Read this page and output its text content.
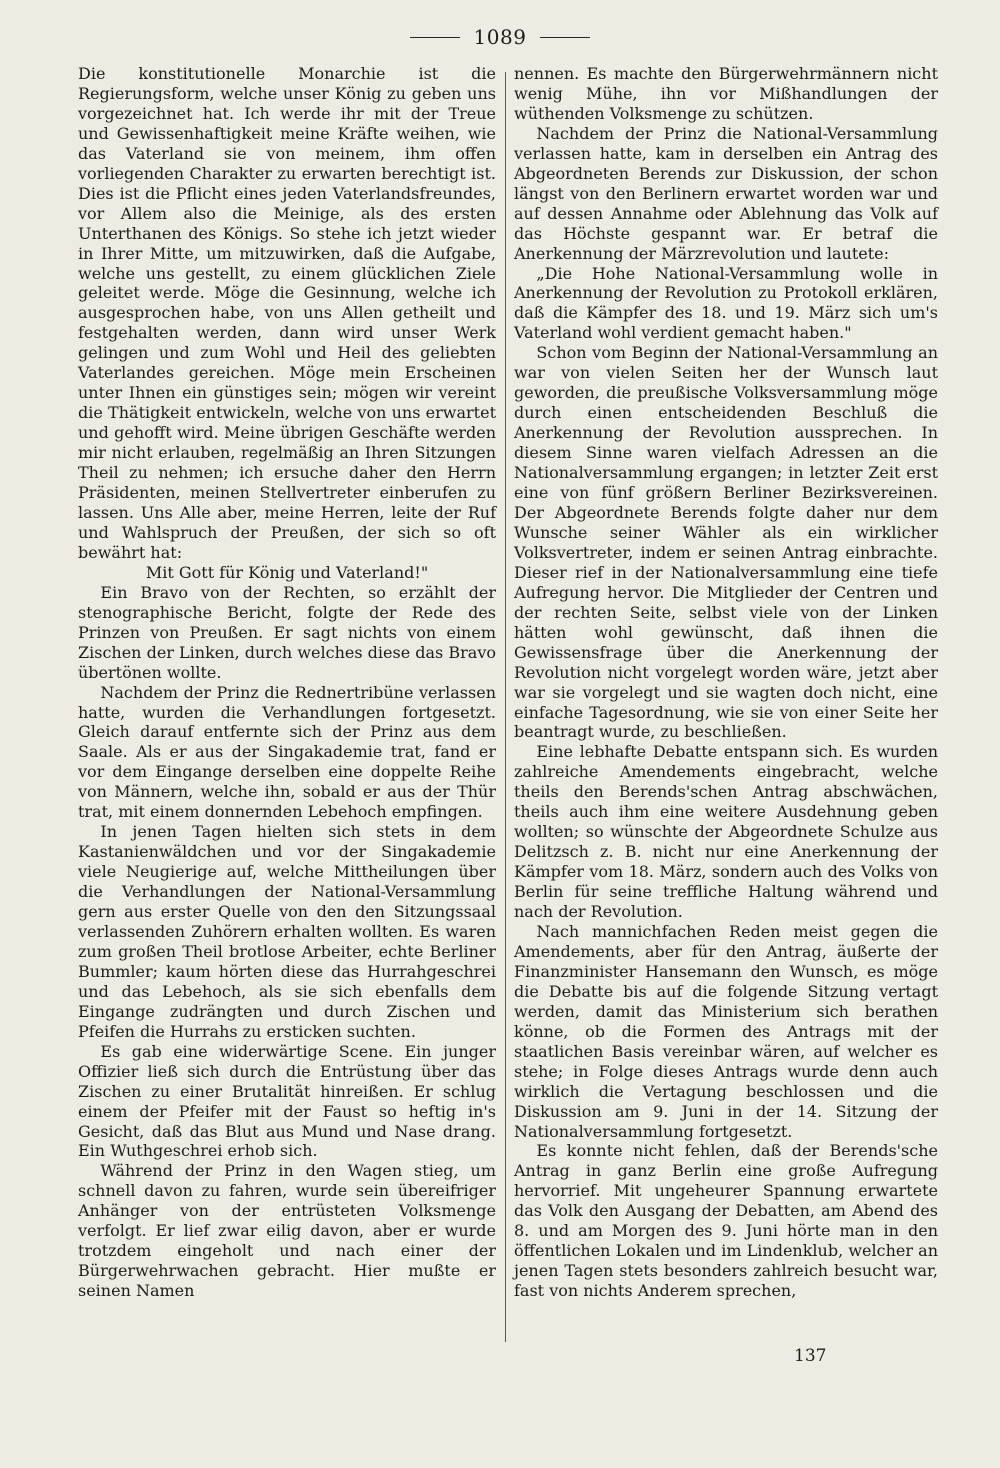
1089

Die konstitutionelle Monarchie ist die Regierungsform, welche unser König zu geben uns vorgezeichnet hat. Ich werde ihr mit der Treue und Gewissenhaftigkeit meine Kräfte weihen, wie das Vaterland sie von meinem, ihm offen vorliegenden Charakter zu erwarten berechtigt ist. Dies ist die Pflicht eines jeden Vaterlandsfreundes, vor Allem also die Meinige, als des ersten Unterthanen des Königs. So stehe ich jetzt wieder in Ihrer Mitte, um mitzuwirken, daß die Aufgabe, welche uns gestellt, zu einem glücklichen Ziele geleitet werde. Möge die Gesinnung, welche ich ausgesprochen habe, von uns Allen getheilt und festgehalten werden, dann wird unser Werk gelingen und zum Wohl und Heil des geliebten Vaterlandes gereichen. Möge mein Erscheinen unter Ihnen ein günstiges sein; mögen wir vereint die Thätigkeit entwickeln, welche von uns erwartet und gehofft wird. Meine übrigen Geschäfte werden mir nicht erlauben, regelmäßig an Ihren Sitzungen Theil zu nehmen; ich ersuche daher den Herrn Präsidenten, meinen Stellvertreter einberufen zu lassen. Uns Alle aber, meine Herren, leite der Ruf und Wahlspruch der Preußen, der sich so oft bewährt hat:

Mit Gott für König und Vaterland!"

Ein Bravo von der Rechten, so erzählt der stenographische Bericht, folgte der Rede des Prinzen von Preußen. Er sagt nichts von einem Zischen der Linken, durch welches diese das Bravo übertönen wollte.

Nachdem der Prinz die Rednertribüne verlassen hatte, wurden die Verhandlungen fortgesetzt. Gleich darauf entfernte sich der Prinz aus dem Saale. Als er aus der Singakademie trat, fand er vor dem Eingange derselben eine doppelte Reihe von Männern, welche ihn, sobald er aus der Thür trat, mit einem donnernden Lebehoch empfingen.

In jenen Tagen hielten sich stets in dem Kastanienwäldchen und vor der Singakademie viele Neugierige auf, welche Mittheilungen über die Verhandlungen der National-Versammlung gern aus erster Quelle von den den Sitzungssaal verlassenden Zuhörern erhalten wollten. Es waren zum großen Theil brotlose Arbeiter, echte Berliner Bummler; kaum hörten diese das Hurrahgeschrei und das Lebehoch, als sie sich ebenfalls dem Eingange zudrängten und durch Zischen und Pfeifen die Hurrahs zu ersticken suchten.

Es gab eine widerwärtige Scene. Ein junger Offizier ließ sich durch die Entrüstung über das Zischen zu einer Brutalität hinreißen. Er schlug einem der Pfeifer mit der Faust so heftig in's Gesicht, daß das Blut aus Mund und Nase drang. Ein Wuthgeschrei erhob sich.

Während der Prinz in den Wagen stieg, um schnell davon zu fahren, wurde sein übereifriger Anhänger von der entrüsteten Volksmenge verfolgt. Er lief zwar eilig davon, aber er wurde trotzdem eingeholt und nach einer der Bürgerwehrwachen gebracht. Hier mußte er seinen Namen

nennen. Es machte den Bürgerwehrmännern nicht wenig Mühe, ihn vor Mißhandlungen der wüthenden Volksmenge zu schützen.

Nachdem der Prinz die National-Versammlung verlassen hatte, kam in derselben ein Antrag des Abgeordneten Berends zur Diskussion, der schon längst von den Berlinern erwartet worden war und auf dessen Annahme oder Ablehnung das Volk auf das Höchste gespannt war. Er betraf die Anerkennung der Märzrevolution und lautete:

„Die Hohe National-Versammlung wolle in Anerkennung der Revolution zu Protokoll erklären, daß die Kämpfer des 18. und 19. März sich um's Vaterland wohl verdient gemacht haben."

Schon vom Beginn der National-Versammlung an war von vielen Seiten her der Wunsch laut geworden, die preußische Volksversammlung möge durch einen entscheidenden Beschluß die Anerkennung der Revolution aussprechen. In diesem Sinne waren vielfach Adressen an die Nationalversammlung ergangen; in letzter Zeit erst eine von fünf größern Berliner Bezirksvereinen. Der Abgeordnete Berends folgte daher nur dem Wunsche seiner Wähler als ein wirklicher Volksvertreter, indem er seinen Antrag einbrachte. Dieser rief in der Nationalversammlung eine tiefe Aufregung hervor. Die Mitglieder der Centren und der rechten Seite, selbst viele von der Linken hätten wohl gewünscht, daß ihnen die Gewissensfrage über die Anerkennung der Revolution nicht vorgelegt worden wäre, jetzt aber war sie vorgelegt und sie wagten doch nicht, eine einfache Tagesordnung, wie sie von einer Seite her beantragt wurde, zu beschließen.

Eine lebhafte Debatte entspann sich. Es wurden zahlreiche Amendements eingebracht, welche theils den Berends'schen Antrag abschwächen, theils auch ihm eine weitere Ausdehnung geben wollten; so wünschte der Abgeordnete Schulze aus Delitzsch z. B. nicht nur eine Anerkennung der Kämpfer vom 18. März, sondern auch des Volks von Berlin für seine treffliche Haltung während und nach der Revolution.

Nach mannichfachen Reden meist gegen die Amendements, aber für den Antrag, äußerte der Finanzminister Hansemann den Wunsch, es möge die Debatte bis auf die folgende Sitzung vertagt werden, damit das Ministerium sich berathen könne, ob die Formen des Antrags mit der staatlichen Basis vereinbar wären, auf welcher es stehe; in Folge dieses Antrags wurde denn auch wirklich die Vertagung beschlossen und die Diskussion am 9. Juni in der 14. Sitzung der Nationalversammlung fortgesetzt.

Es konnte nicht fehlen, daß der Berends'sche Antrag in ganz Berlin eine große Aufregung hervorrief. Mit ungeheurer Spannung erwartete das Volk den Ausgang der Debatten, am Abend des 8. und am Morgen des 9. Juni hörte man in den öffentlichen Lokalen und im Lindenklub, welcher an jenen Tagen stets besonders zahlreich besucht war, fast von nichts Anderem sprechen,

137
